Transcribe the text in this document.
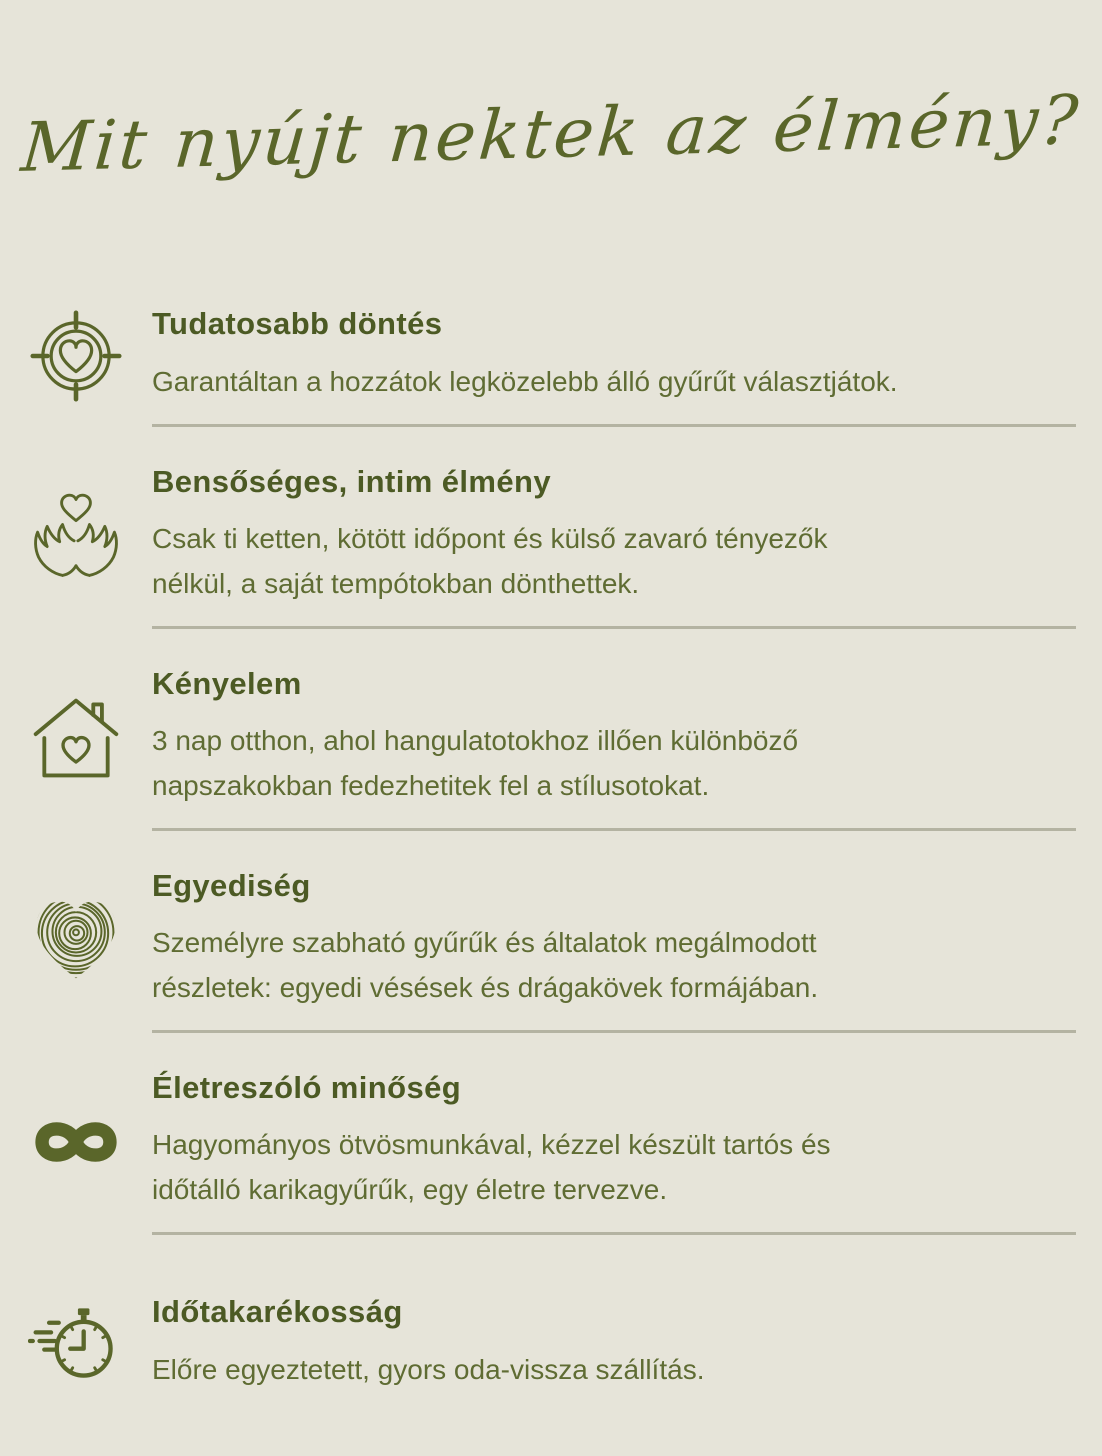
Mit nyújt nektek az élmény?
Tudatosabb döntés
Garantáltan a hozzátok legközelebb álló gyűrűt választjátok.
Bensőséges, intim élmény
Csak ti ketten, kötött időpont és külső zavaró tényezők
nélkül, a saját tempótokban dönthettek.
Kényelem
3 nap otthon, ahol hangulatotokhoz illően különböző
napszakokban fedezhetitek fel a stílusotokat.
Egyediség
Személyre szabható gyűrűk és általatok megálmodott
részletek: egyedi vésések és drágakövek formájában.
Életreszóló minőség
Hagyományos ötvösmunkával, kézzel készült tartós és
időtálló karikagyűrűk, egy életre tervezve.
Időtakarékosság
Előre egyeztetett, gyors oda-vissza szállítás.
